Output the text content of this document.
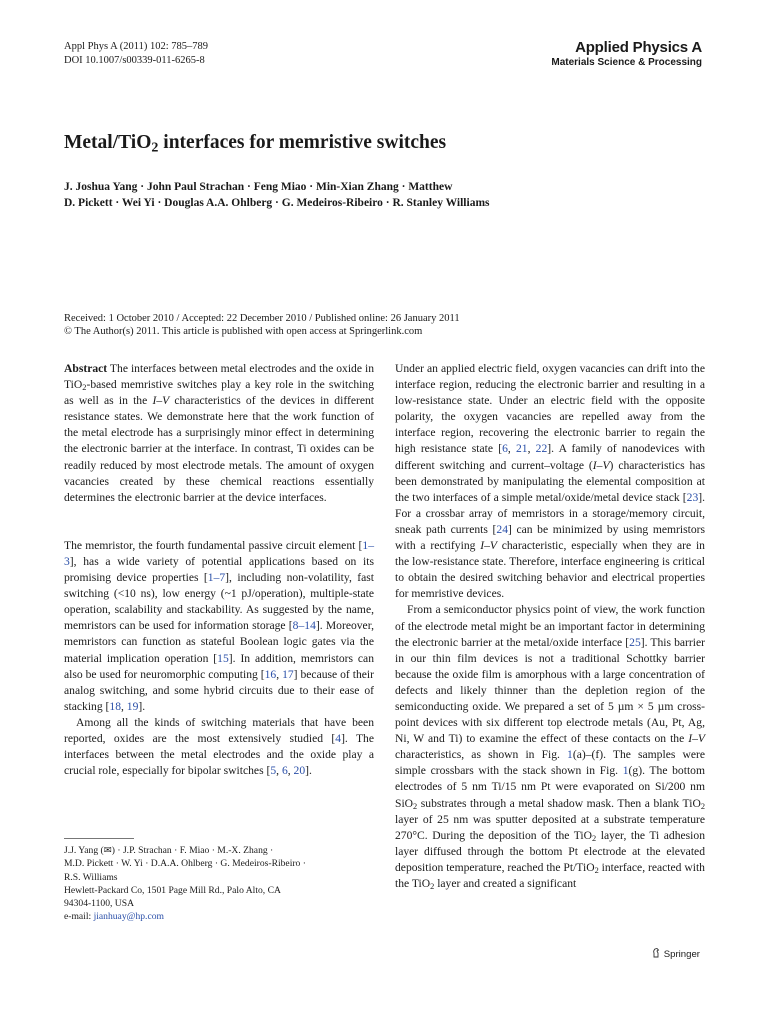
Appl Phys A (2011) 102: 785–789
DOI 10.1007/s00339-011-6265-8
Applied Physics A
Materials Science & Processing
Metal/TiO$_2$ interfaces for memristive switches
J. Joshua Yang · John Paul Strachan · Feng Miao · Min-Xian Zhang · Matthew
D. Pickett · Wei Yi · Douglas A.A. Ohlberg · G. Medeiros-Ribeiro · R. Stanley Williams
Received: 1 October 2010 / Accepted: 22 December 2010 / Published online: 26 January 2011
© The Author(s) 2011. This article is published with open access at Springerlink.com

Abstract The interfaces between metal electrodes and the oxide in TiO$_2$-based memristive switches play a key role in the switching as well as in the I–V characteristics of the devices in different resistance states. We demonstrate here that the work function of the metal electrode has a surprisingly minor effect in determining the electronic barrier at the interface. In contrast, Ti oxides can be readily reduced by most electrode metals. The amount of oxygen vacancies created by these chemical reactions essentially determines the electronic barrier at the device interfaces.

The memristor, the fourth fundamental passive circuit element [1–3], has a wide variety of potential applications based on its promising device properties [1–7], including non-volatility, fast switching (<10 ns), low energy (~1 pJ/operation), multiple-state operation, scalability and stackability. As suggested by the name, memristors can be used for information storage [8–14]. Moreover, memristors can function as stateful Boolean logic gates via the material implication operation [15]. In addition, memristors can also be used for neuromorphic computing [16, 17] because of their analog switching, and some hybrid circuits due to their ease of stacking [18, 19].

Among all the kinds of switching materials that have been reported, oxides are the most extensively studied [4]. The interfaces between the metal electrodes and the oxide play a crucial role, especially for bipolar switches [5, 6, 20].

J.J. Yang (✉) · J.P. Strachan · F. Miao · M.-X. Zhang ·

M.D. Pickett · W. Yi · D.A.A. Ohlberg · G. Medeiros-Ribeiro ·

R.S. Williams

Hewlett-Packard Co, 1501 Page Mill Rd., Palo Alto, CA

94304-1100, USA

e-mail: jianhuay@hp.com

Under an applied electric field, oxygen vacancies can drift into the interface region, reducing the electronic barrier and resulting in a low-resistance state. Under an electric field with the opposite polarity, the oxygen vacancies are repelled away from the interface region, recovering the electronic barrier to regain the high resistance state [6, 21, 22]. A family of nanodevices with different switching and current–voltage (I–V) characteristics has been demonstrated by manipulating the elemental composition at the two interfaces of a simple metal/oxide/metal device stack [23]. For a crossbar array of memristors in a storage/memory circuit, sneak path currents [24] can be minimized by using memristors with a rectifying I–V characteristic, especially when they are in the low-resistance state. Therefore, interface engineering is critical to obtain the desired switching behavior and electrical properties for memristive devices.

From a semiconductor physics point of view, the work function of the electrode metal might be an important factor in determining the electronic barrier at the metal/oxide interface [25]. This barrier in our thin film devices is not a traditional Schottky barrier because the oxide film is amorphous with a large concentration of defects and likely thinner than the depletion region of the semiconducting oxide. We prepared a set of 5 µm × 5 µm cross-point devices with six different top electrode metals (Au, Pt, Ag, Ni, W and Ti) to examine the effect of these contacts on the I–V characteristics, as shown in Fig. 1(a)–(f). The samples were simple crossbars with the stack shown in Fig. 1(g). The bottom electrodes of 5 nm Ti/15 nm Pt were evaporated on Si/200 nm SiO$_2$ substrates through a metal shadow mask. Then a blank TiO$_2$ layer of 25 nm was sputter deposited at a substrate temperature 270°C. During the deposition of the TiO$_2$ layer, the Ti adhesion layer diffused through the bottom Pt electrode at the elevated deposition temperature, reached the Pt/TiO$_2$ interface, reacted with the TiO$_2$ layer and created a significant

Springer
